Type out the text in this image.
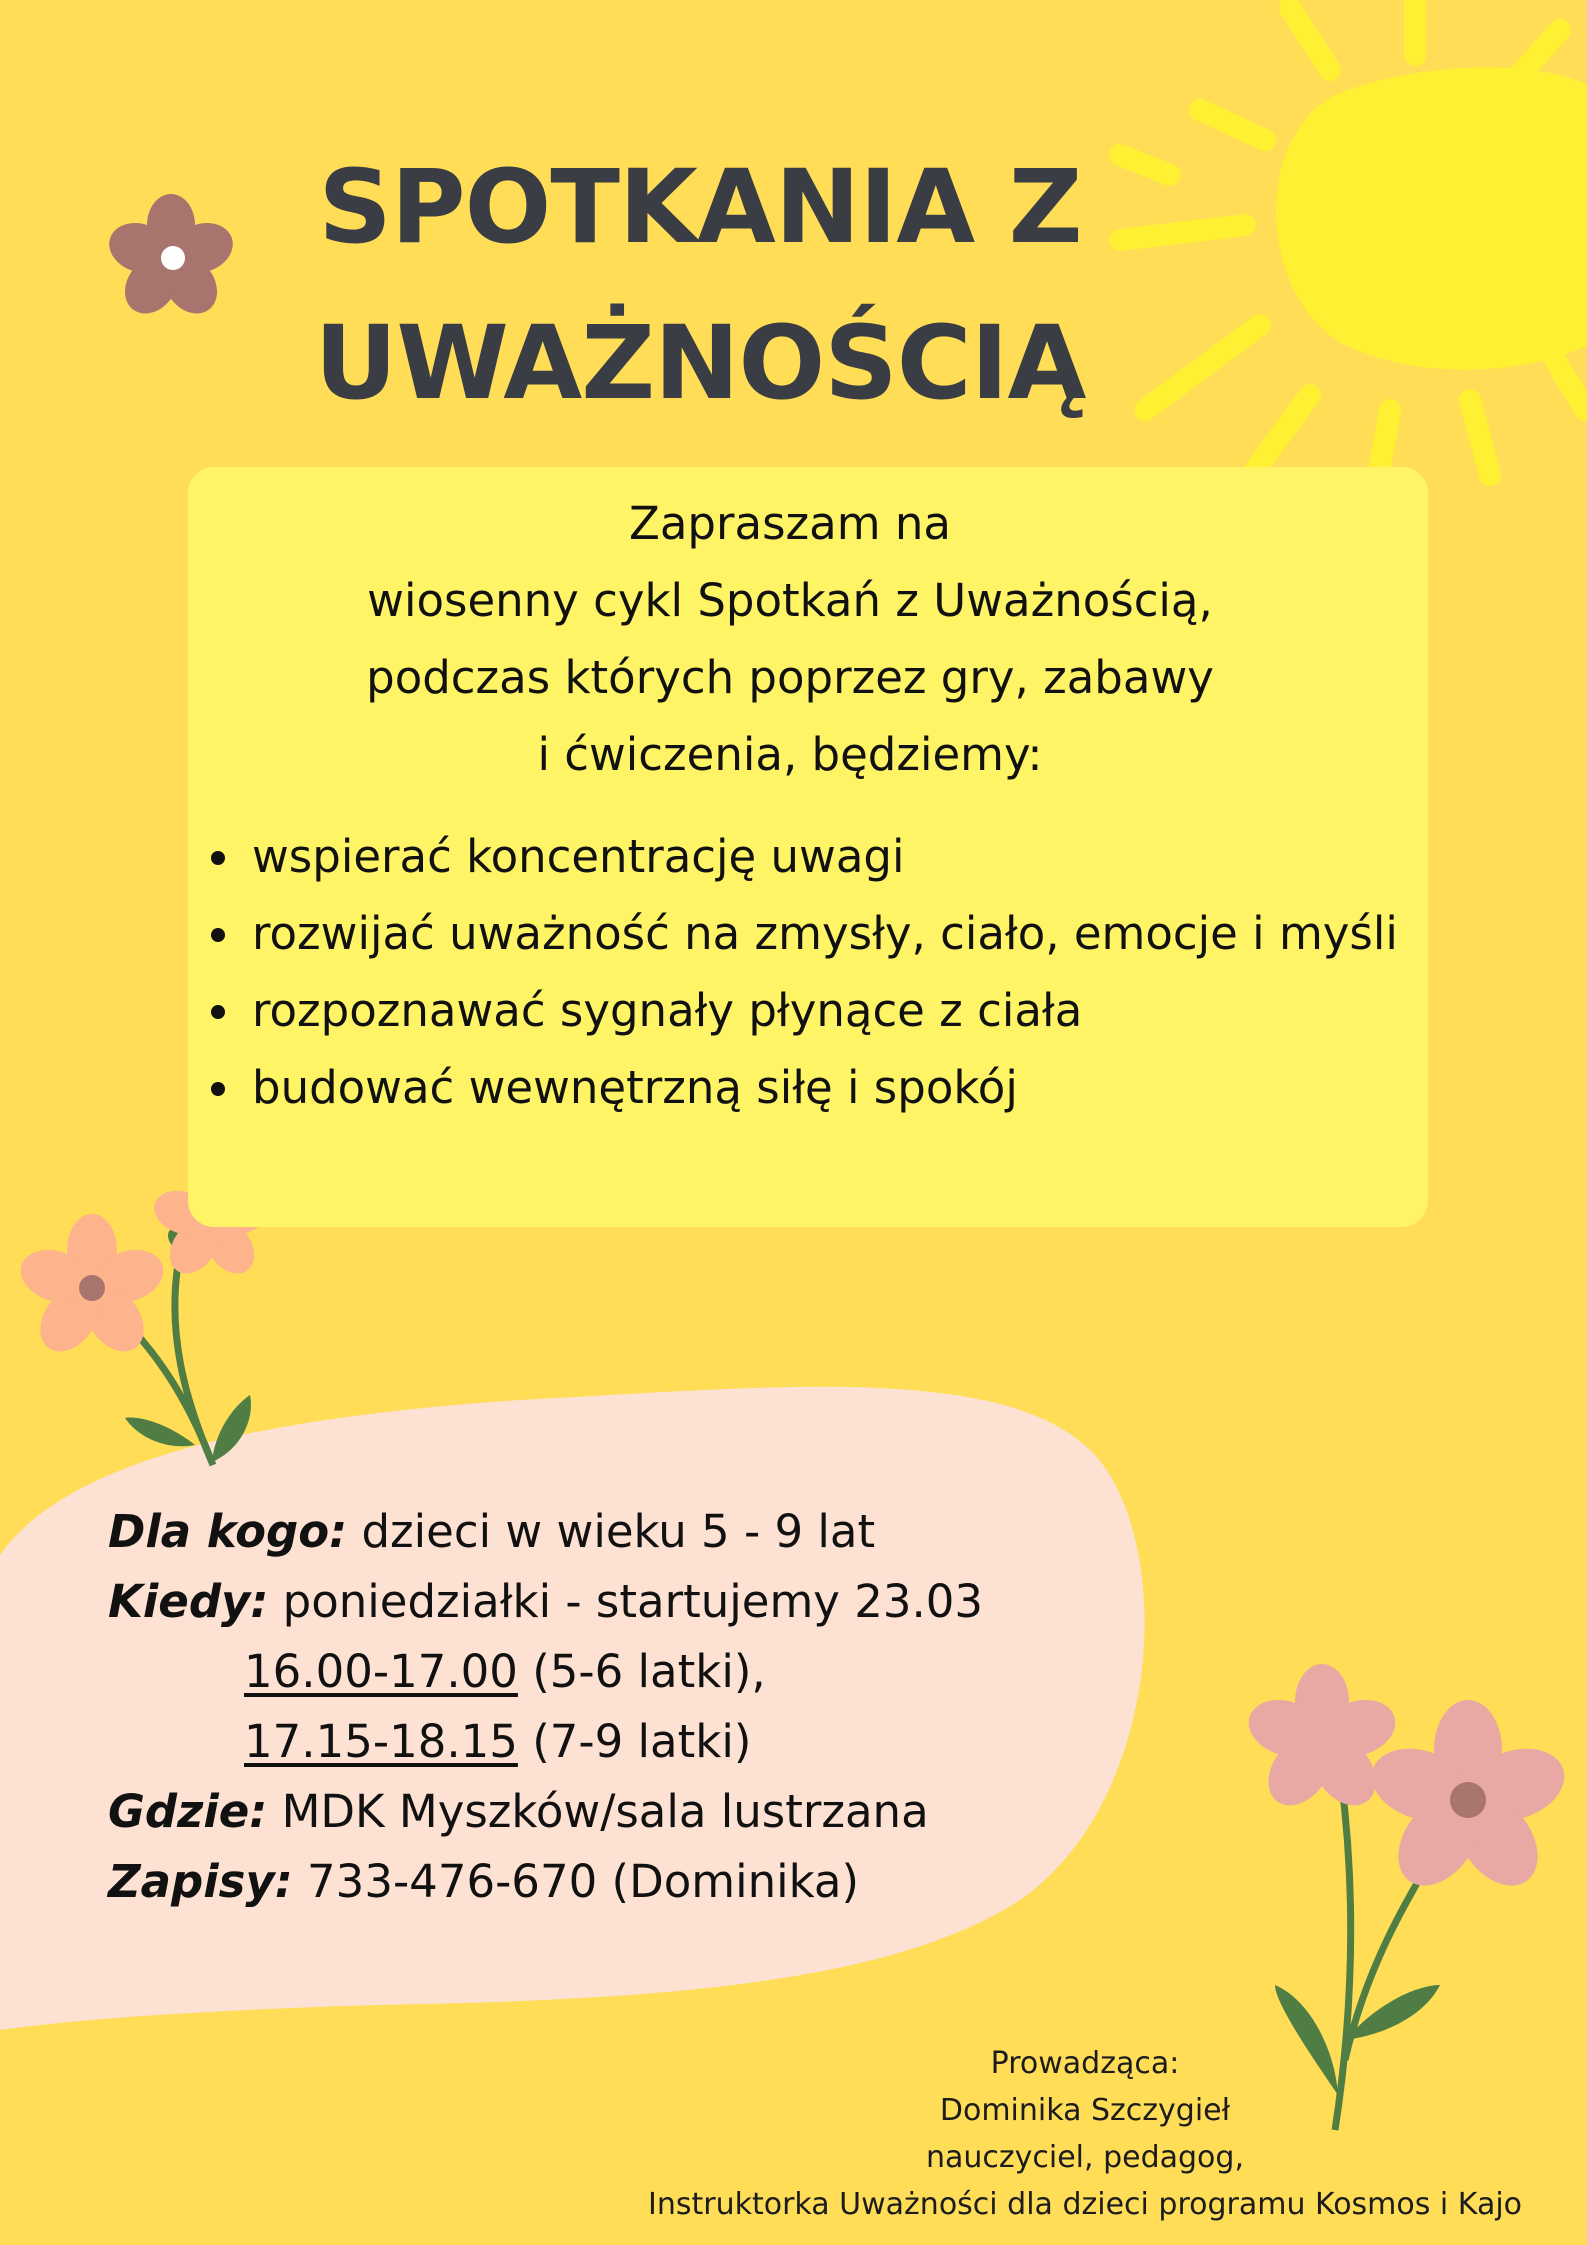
SPOTKANIA Z
UWAŻNOŚCIĄ
Zapraszam na
wiosenny cykl Spotkań z Uważnością,
podczas których poprzez gry, zabawy
i ćwiczenia, będziemy:
wspierać koncentrację uwagi
rozwijać uważność na zmysły, ciało, emocje i myśli
rozpoznawać sygnały płynące z ciała
budować wewnętrzną siłę i spokój
Dla kogo: dzieci w wieku 5 - 9 lat
Kiedy: poniedziałki - startujemy 23.03
16.00-17.00 (5-6 latki),
17.15-18.15 (7-9 latki)
Gdzie: MDK Myszków/sala lustrzana
Zapisy: 733-476-670 (Dominika)
Prowadząca:
Dominika Szczygieł
nauczyciel, pedagog,
Instruktorka Uważności dla dzieci programu Kosmos i Kajo
